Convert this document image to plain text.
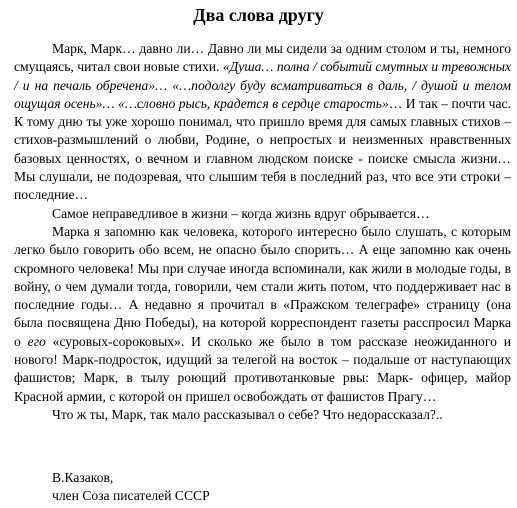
Два слова другу

Марк, Марк… давно ли… Давно ли мы сидели за одним столом и ты, немного смущаясь, читал свои новые стихи. «Душа… полна / событий смутных и тревожных / и на печаль обречена»… «…подолгу буду всматриваться в даль, / душой и телом ощущая осень»… «…словно рысь, крадется в сердце старость»… И так – почти час. К тому дню ты уже хорошо понимал, что пришло время для самых главных стихов – стихов-размышлений о любви, Родине, о непростых и неизменных нравственных базовых ценностях, о вечном и главном людском поиске - поиске смысла жизни… Мы слушали, не подозревая, что слышим тебя в последний раз, что все эти строки – последние…

Самое неправедливое в жизни – когда жизнь вдруг обрывается…

Марка я запомню как человека, которого интересно было слушать, с которым легко было говорить обо всем, не опасно было спорить… А еще запомню как очень скромного человека! Мы при случае иногда вспоминали, как жили в молодые годы, в войну, о чем думали тогда, говорили, чем стали жить потом, что поддерживает нас в последние годы… А недавно я прочитал в «Пражском телеграфе» страницу (она была посвящена Дню Победы), на которой корреспондент газеты расспросил Марка о его «суровых-сороковых». И сколько же было в том рассказе неожиданного и нового! Марк-подросток, идущий за телегой на восток – подальше от наступающих фашистов; Марк, в тылу роющий противотанковые рвы: Марк- офицер, майор Красной армии, с которой он пришел освобождать от фашистов Прагу…

Что ж ты, Марк, так мало рассказывал о себе? Что недорассказал?..

В.Казаков,
член Соза писателей СССР
